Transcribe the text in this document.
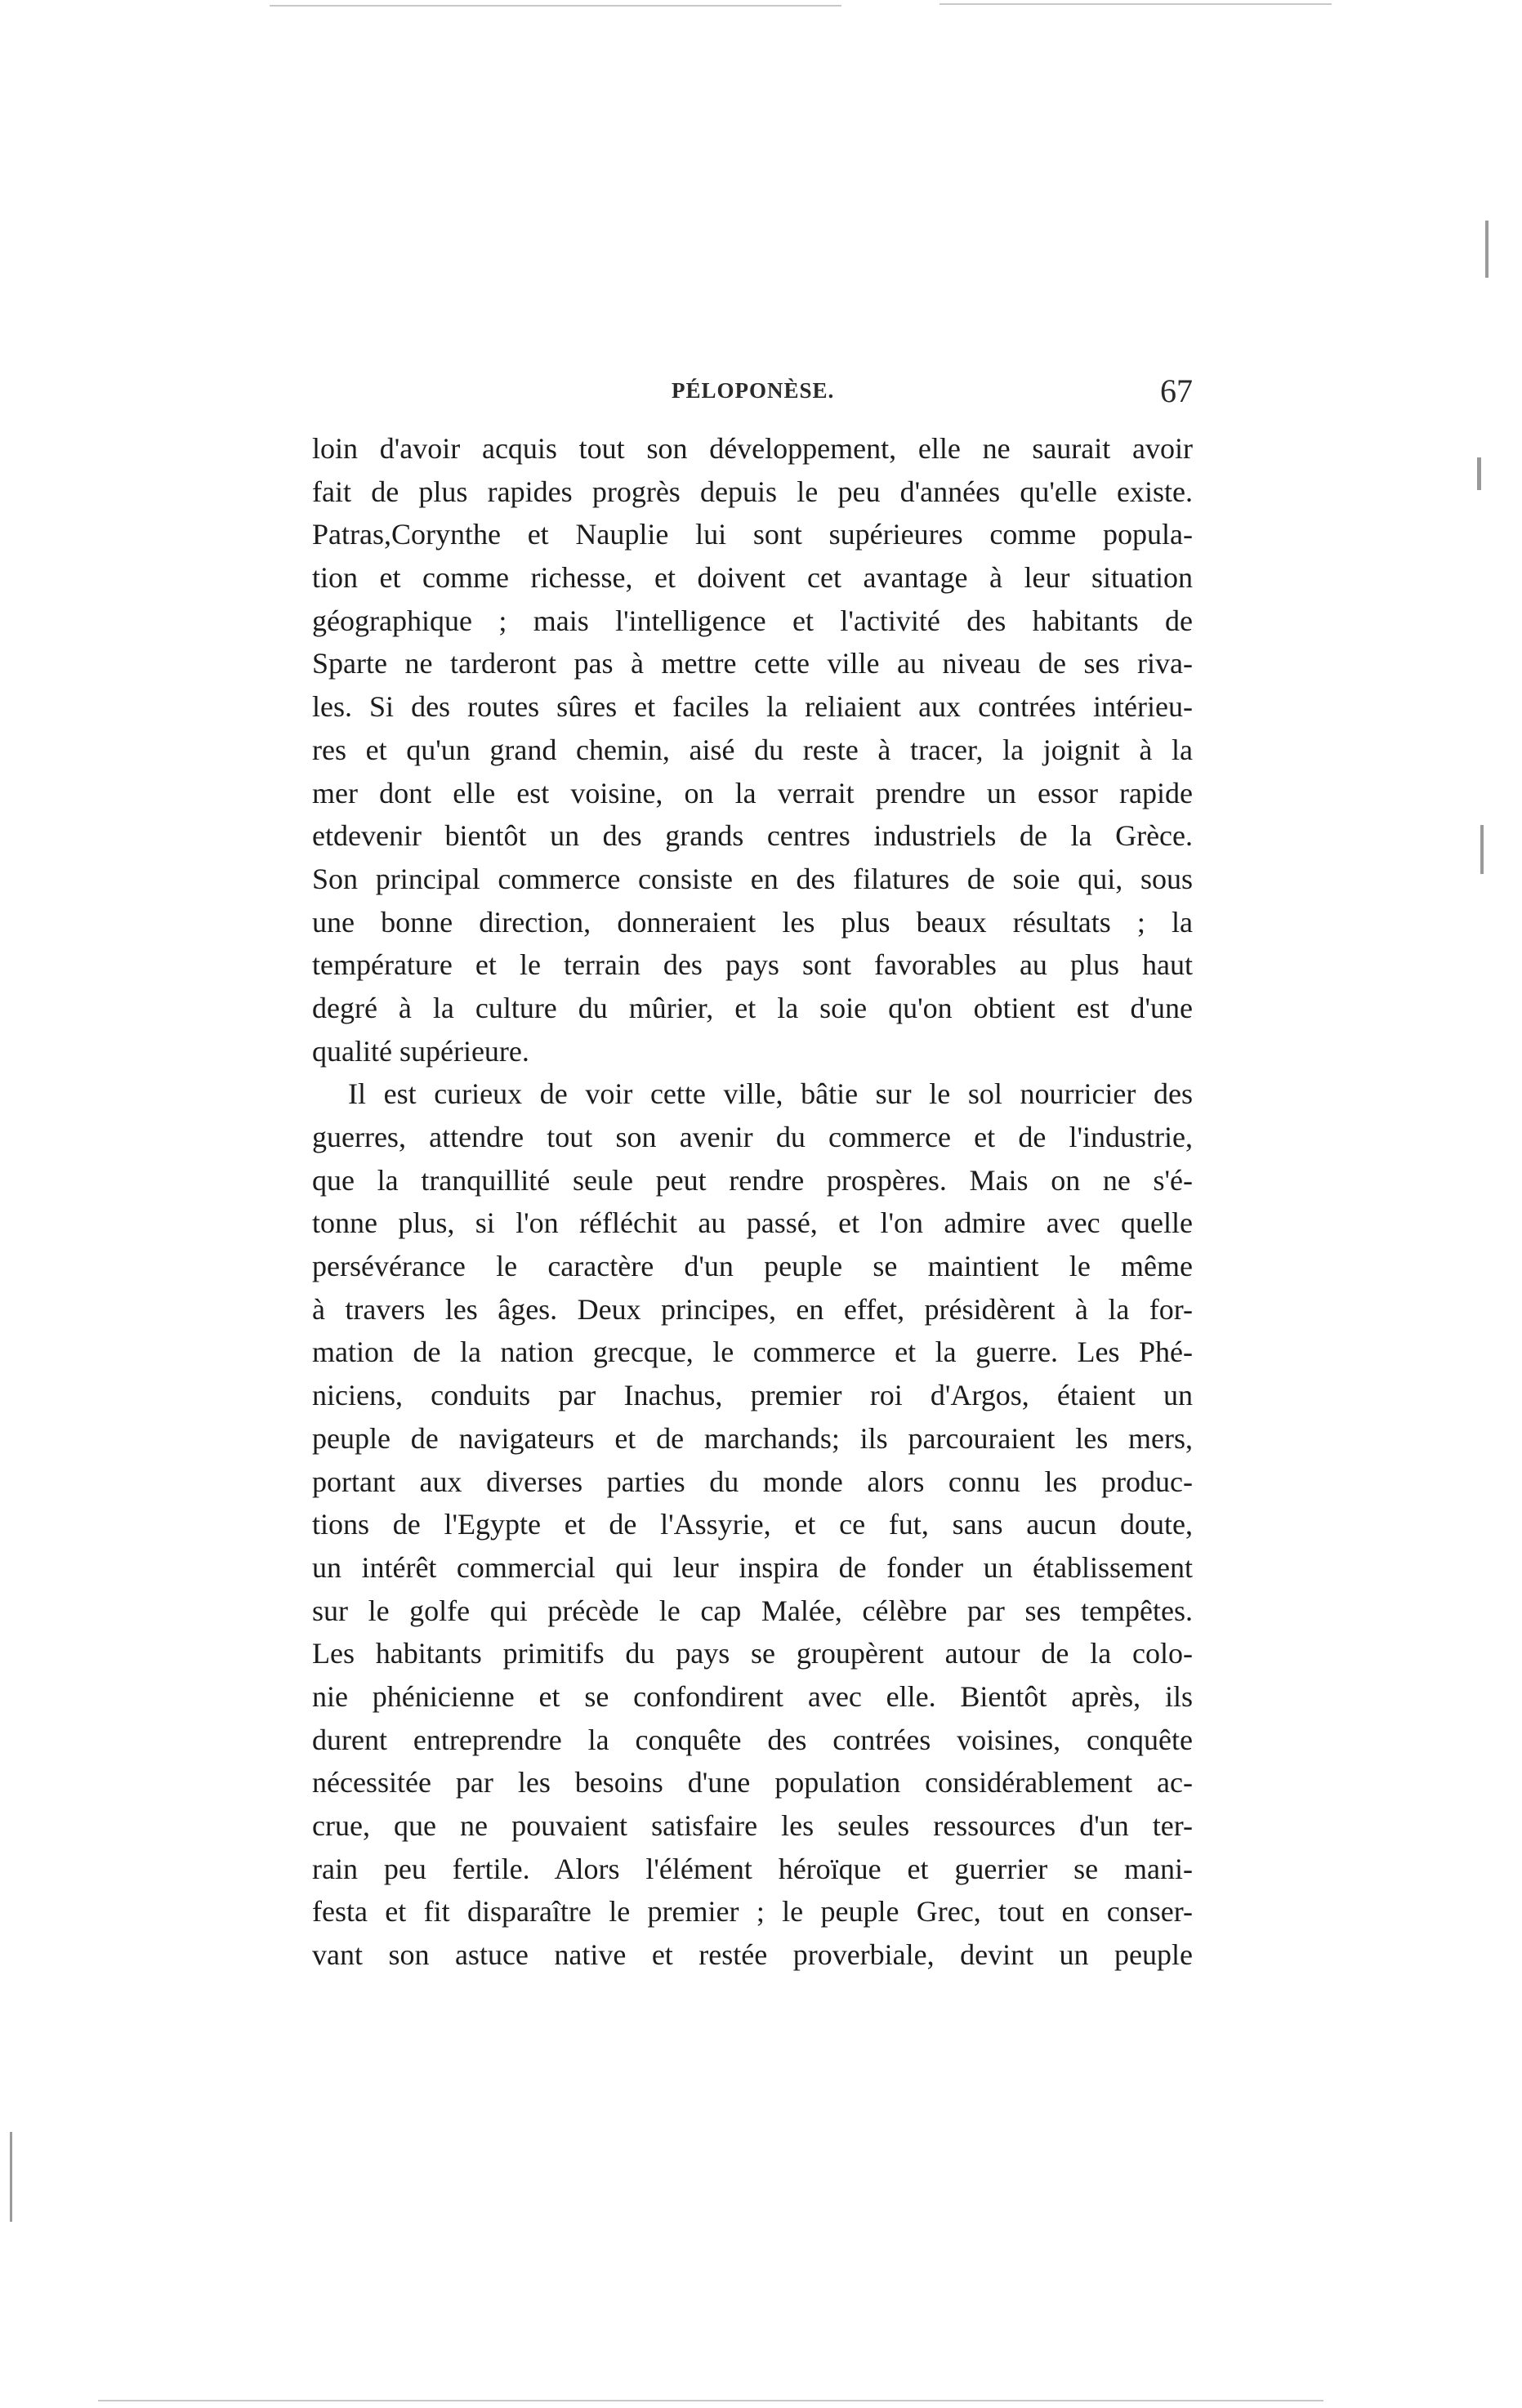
PÉLOPONÈSE.	67
loin d'avoir acquis tout son développement, elle ne saurait avoir
fait de plus rapides progrès depuis le peu d'années qu'elle existe.
Patras,Corynthe et Nauplie lui sont supérieures comme popula-
tion et comme richesse, et doivent cet avantage à leur situation
géographique ; mais l'intelligence et l'activité des habitants de
Sparte ne tarderont pas à mettre cette ville au niveau de ses riva-
les. Si des routes sûres et faciles la reliaient aux contrées intérieu-
res et qu'un grand chemin, aisé du reste à tracer, la joignit à la
mer dont elle est voisine, on la verrait prendre un essor rapide
etdevenir bientôt un des grands centres industriels de la Grèce.
Son principal commerce consiste en des filatures de soie qui, sous
une bonne direction, donneraient les plus beaux résultats ; la
température et le terrain des pays sont favorables au plus haut
degré à la culture du mûrier, et la soie qu'on obtient est d'une
qualité supérieure.
Il est curieux de voir cette ville, bâtie sur le sol nourricier des
guerres, attendre tout son avenir du commerce et de l'industrie,
que la tranquillité seule peut rendre prospères. Mais on ne s'é-
tonne plus, si l'on réfléchit au passé, et l'on admire avec quelle
persévérance le caractère d'un peuple se maintient le même
à travers les âges. Deux principes, en effet, présidèrent à la for-
mation de la nation grecque, le commerce et la guerre. Les Phé-
niciens, conduits par Inachus, premier roi d'Argos, étaient un
peuple de navigateurs et de marchands; ils parcouraient les mers,
portant aux diverses parties du monde alors connu les produc-
tions de l'Egypte et de l'Assyrie, et ce fut, sans aucun doute,
un intérêt commercial qui leur inspira de fonder un établissement
sur le golfe qui précède le cap Malée, célèbre par ses tempêtes.
Les habitants primitifs du pays se groupèrent autour de la colo-
nie phénicienne et se confondirent avec elle. Bientôt après, ils
durent entreprendre la conquête des contrées voisines, conquête
nécessitée par les besoins d'une population considérablement ac-
crue, que ne pouvaient satisfaire les seules ressources d'un ter-
rain peu fertile. Alors l'élément héroïque et guerrier se mani-
festa et fit disparaître le premier ; le peuple Grec, tout en conser-
vant son astuce native et restée proverbiale, devint un peuple
